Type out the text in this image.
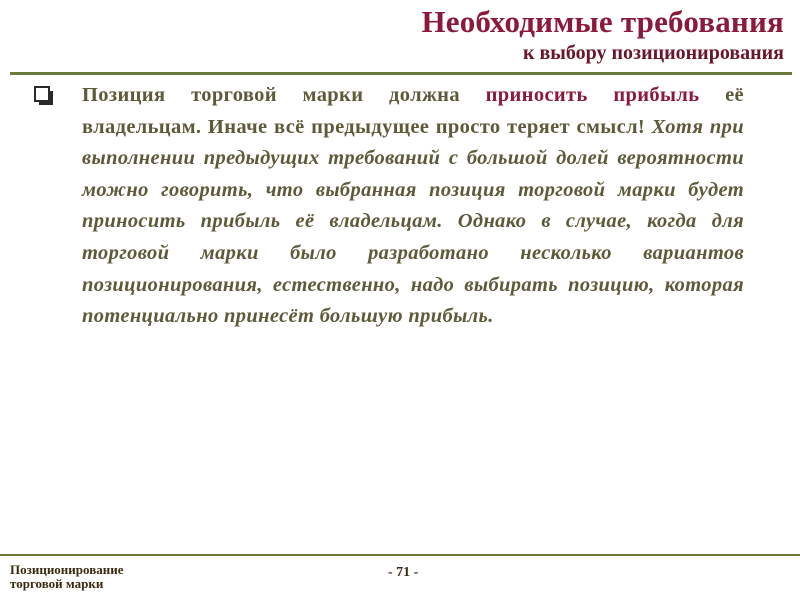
Необходимые требования
к выбору позиционирования

Позиция торговой марки должна приносить прибыль её владельцам. Иначе всё предыдущее просто теряет смысл! Хотя при выполнении предыдущих требований с большой долей вероятности можно говорить, что выбранная позиция торговой марки будет приносить прибыль её владельцам. Однако в случае, когда для торговой марки было разработано несколько вариантов позиционирования, естественно, надо выбирать позицию, которая потенциально принесёт большую прибыль.

Позиционирование
торговой марки
- 71 -
